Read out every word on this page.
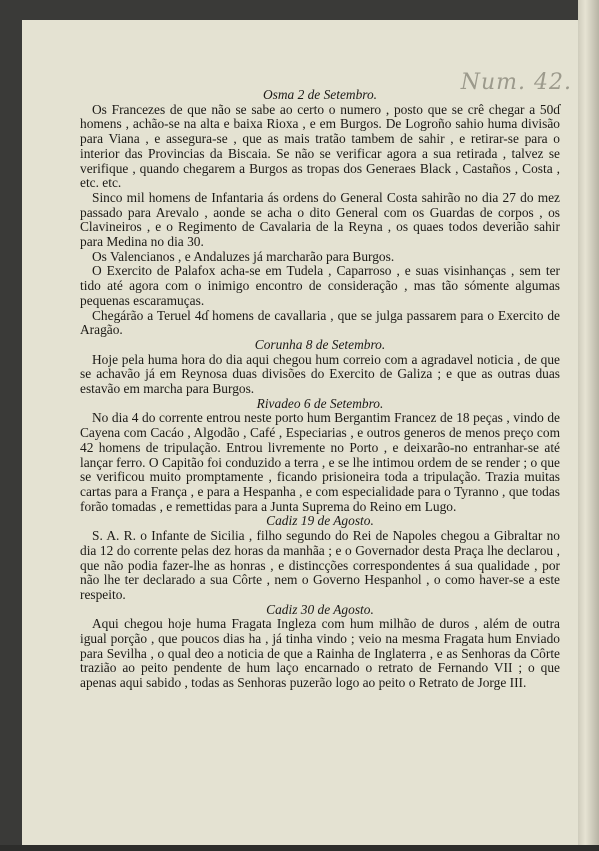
Num. 42.

Osma 2 de Setembro.

Os Francezes de que não se sabe ao certo o numero , posto que se crê chegar a 50ɗ homens , achão-se na alta e baixa Rioxa , e em Burgos. De Logroño sahio huma divisão para Viana , e assegura-se , que as mais tratão tambem de sahir , e retirar-se para o interior das Provincias da Biscaia. Se não se verificar agora a sua retirada , talvez se verifique , quando chegarem a Burgos as tropas dos Generaes Black , Castaños , Costa , etc. etc.

Sinco mil homens de Infantaria ás ordens do General Costa sahirão no dia 27 do mez passado para Arevalo , aonde se acha o dito General com os Guardas de corpos , os Clavineiros , e o Regimento de Cavalaria de la Reyna , os quaes todos deverião sahir para Medina no dia 30.

Os Valencianos , e Andaluzes já marcharão para Burgos.

O Exercito de Palafox acha-se em Tudela , Caparroso , e suas visinhanças , sem ter tido até agora com o inimigo encontro de consideração , mas tão sómente algumas pequenas escaramuças.

Chegárão a Teruel 4ɗ homens de cavallaria , que se julga passarem para o Exercito de Aragão.

Corunha 8 de Setembro.

Hoje pela huma hora do dia aqui chegou hum correio com a agradavel noticia , de que se achavão já em Reynosa duas divisões do Exercito de Galiza ; e que as outras duas estavão em marcha para Burgos.

Rivadeo 6 de Setembro.

No dia 4 do corrente entrou neste porto hum Bergantim Francez de 18 peças , vindo de Cayena com Cacáo , Algodão , Café , Especiarias , e outros generos de menos preço com 42 homens de tripulação. Entrou livremente no Porto , e deixarão-no entranhar-se até lançar ferro. O Capitão foi conduzido a terra , e se lhe intimou ordem de se render ; o que se verificou muito promptamente , ficando prisioneira toda a tripulação. Trazia muitas cartas para a França , e para a Hespanha , e com especialidade para o Tyranno , que todas forão tomadas , e remettidas para a Junta Suprema do Reino em Lugo.

Cadiz 19 de Agosto.

S. A. R. o Infante de Sicilia , filho segundo do Rei de Napoles chegou a Gibraltar no dia 12 do corrente pelas dez horas da manhãa ; e o Governador desta Praça lhe declarou , que não podia fazer-lhe as honras , e distincções correspondentes á sua qualidade , por não lhe ter declarado a sua Côrte , nem o Governo Hespanhol , o como haver-se a este respeito.

Cadiz 30 de Agosto.

Aqui chegou hoje huma Fragata Ingleza com hum milhão de duros , além de outra igual porção , que poucos dias ha , já tinha vindo ; veio na mesma Fragata hum Enviado para Sevilha , o qual deo a noticia de que a Rainha de Inglaterra , e as Senhoras da Côrte trazião ao peito pendente de hum laço encarnado o retrato de Fernando VII ; o que apenas aqui sabido , todas as Senhoras puzerão logo ao peito o Retrato de Jorge III.
